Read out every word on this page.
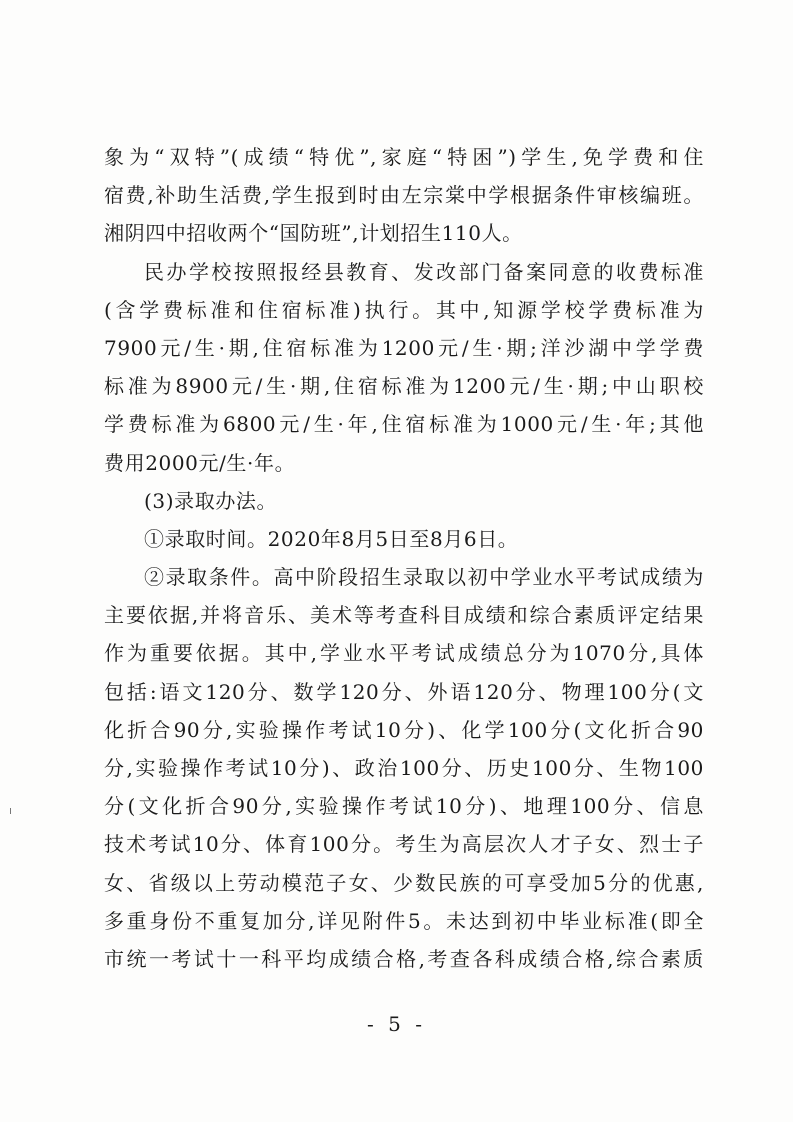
象为“双特”(成绩“特优”,家庭“特困”)学生,免学费和住
宿费,补助生活费,学生报到时由左宗棠中学根据条件审核编班。
湘阴四中招收两个“国防班”,计划招生110人。
民办学校按照报经县教育、发改部门备案同意的收费标准
(含学费标准和住宿标准)执行。其中,知源学校学费标准为
7900元/生·期,住宿标准为1200元/生·期;洋沙湖中学学费
标准为8900元/生·期,住宿标准为1200元/生·期;中山职校
学费标准为6800元/生·年,住宿标准为1000元/生·年;其他
费用2000元/生·年。
(3)录取办法。
①录取时间。2020年8月5日至8月6日。
②录取条件。高中阶段招生录取以初中学业水平考试成绩为
主要依据,并将音乐、美术等考查科目成绩和综合素质评定结果
作为重要依据。其中,学业水平考试成绩总分为1070分,具体
包括:语文120分、数学120分、外语120分、物理100分(文
化折合90分,实验操作考试10分)、化学100分(文化折合90
分,实验操作考试10分)、政治100分、历史100分、生物100
分(文化折合90分,实验操作考试10分)、地理100分、信息
技术考试10分、体育100分。考生为高层次人才子女、烈士子
女、省级以上劳动模范子女、少数民族的可享受加5分的优惠,
多重身份不重复加分,详见附件5。未达到初中毕业标准(即全
市统一考试十一科平均成绩合格,考查各科成绩合格,综合素质
- 5 -
